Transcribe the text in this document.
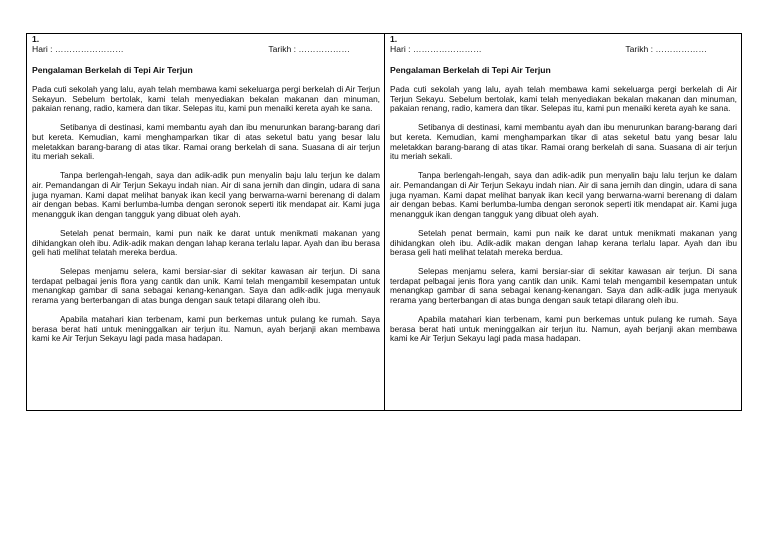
1.
Hari : ……………………	Tarikh : ………………
Pengalaman Berkelah di Tepi Air Terjun

Pada cuti sekolah yang lalu, ayah telah membawa kami sekeluarga pergi berkelah di Air Terjun Sekayun. Sebelum bertolak, kami telah menyediakan bekalan makanan dan minuman, pakaian renang, radio, kamera dan tikar. Selepas itu, kami pun menaiki kereta ayah ke sana.

Setibanya di destinasi, kami membantu ayah dan ibu menurunkan barang-barang dari but kereta. Kemudian, kami menghamparkan tikar di atas seketul batu yang besar lalu meletakkan barang-barang di atas tikar. Ramai orang berkelah di sana. Suasana di air terjun itu meriah sekali.

Tanpa berlengah-lengah, saya dan adik-adik pun menyalin baju lalu terjun ke dalam air. Pemandangan di Air Terjun Sekayu indah nian. Air di sana jernih dan dingin, udara di sana juga nyaman. Kami dapat melihat banyak ikan kecil yang berwarna-warni berenang di dalam air dengan bebas. Kami berlumba-lumba dengan seronok seperti itik mendapat air. Kami juga menangguk ikan dengan tangguk yang dibuat oleh ayah.

Setelah penat bermain, kami pun naik ke darat untuk menikmati makanan yang dihidangkan oleh ibu. Adik-adik makan dengan lahap kerana terlalu lapar. Ayah dan ibu berasa geli hati melihat telatah mereka berdua.

Selepas menjamu selera, kami bersiar-siar di sekitar kawasan air terjun. Di sana terdapat pelbagai jenis flora yang cantik dan unik. Kami telah mengambil kesempatan untuk menangkap gambar di sana sebagai kenang-kenangan. Saya dan adik-adik juga menyauk rerama yang berterbangan di atas bunga dengan sauk tetapi dilarang oleh ibu.

Apabila matahari kian terbenam, kami pun berkemas untuk pulang ke rumah. Saya berasa berat hati untuk meninggalkan air terjun itu. Namun, ayah berjanji akan membawa kami ke Air Terjun Sekayu lagi pada masa hadapan.

1.
Hari : ……………………	Tarikh : ………………
Pengalaman Berkelah di Tepi Air Terjun

Pada cuti sekolah yang lalu, ayah telah membawa kami sekeluarga pergi berkelah di Air Terjun Sekayu. Sebelum bertolak, kami telah menyediakan bekalan makanan dan minuman, pakaian renang, radio, kamera dan tikar. Selepas itu, kami pun menaiki kereta ayah ke sana.

Setibanya di destinasi, kami membantu ayah dan ibu menurunkan barang-barang dari but kereta. Kemudian, kami menghamparkan tikar di atas seketul batu yang besar lalu meletakkan barang-barang di atas tikar. Ramai orang berkelah di sana. Suasana di air terjun itu meriah sekali.

Tanpa berlengah-lengah, saya dan adik-adik pun menyalin baju lalu terjun ke dalam air. Pemandangan di Air Terjun Sekayu indah nian. Air di sana jernih dan dingin, udara di sana juga nyaman. Kami dapat melihat banyak ikan kecil yang berwarna-warni berenang di dalam air dengan bebas. Kami berlumba-lumba dengan seronok seperti itik mendapat air. Kami juga menangguk ikan dengan tangguk yang dibuat oleh ayah.

Setelah penat bermain, kami pun naik ke darat untuk menikmati makanan yang dihidangkan oleh ibu. Adik-adik makan dengan lahap kerana terlalu lapar. Ayah dan ibu berasa geli hati melihat telatah mereka berdua.

Selepas menjamu selera, kami bersiar-siar di sekitar kawasan air terjun. Di sana terdapat pelbagai jenis flora yang cantik dan unik. Kami telah mengambil kesempatan untuk menangkap gambar di sana sebagai kenang-kenangan. Saya dan adik-adik juga menyauk rerama yang berterbangan di atas bunga dengan sauk tetapi dilarang oleh ibu.

Apabila matahari kian terbenam, kami pun berkemas untuk pulang ke rumah. Saya berasa berat hati untuk meninggalkan air terjun itu. Namun, ayah berjanji akan membawa kami ke Air Terjun Sekayu lagi pada masa hadapan.
